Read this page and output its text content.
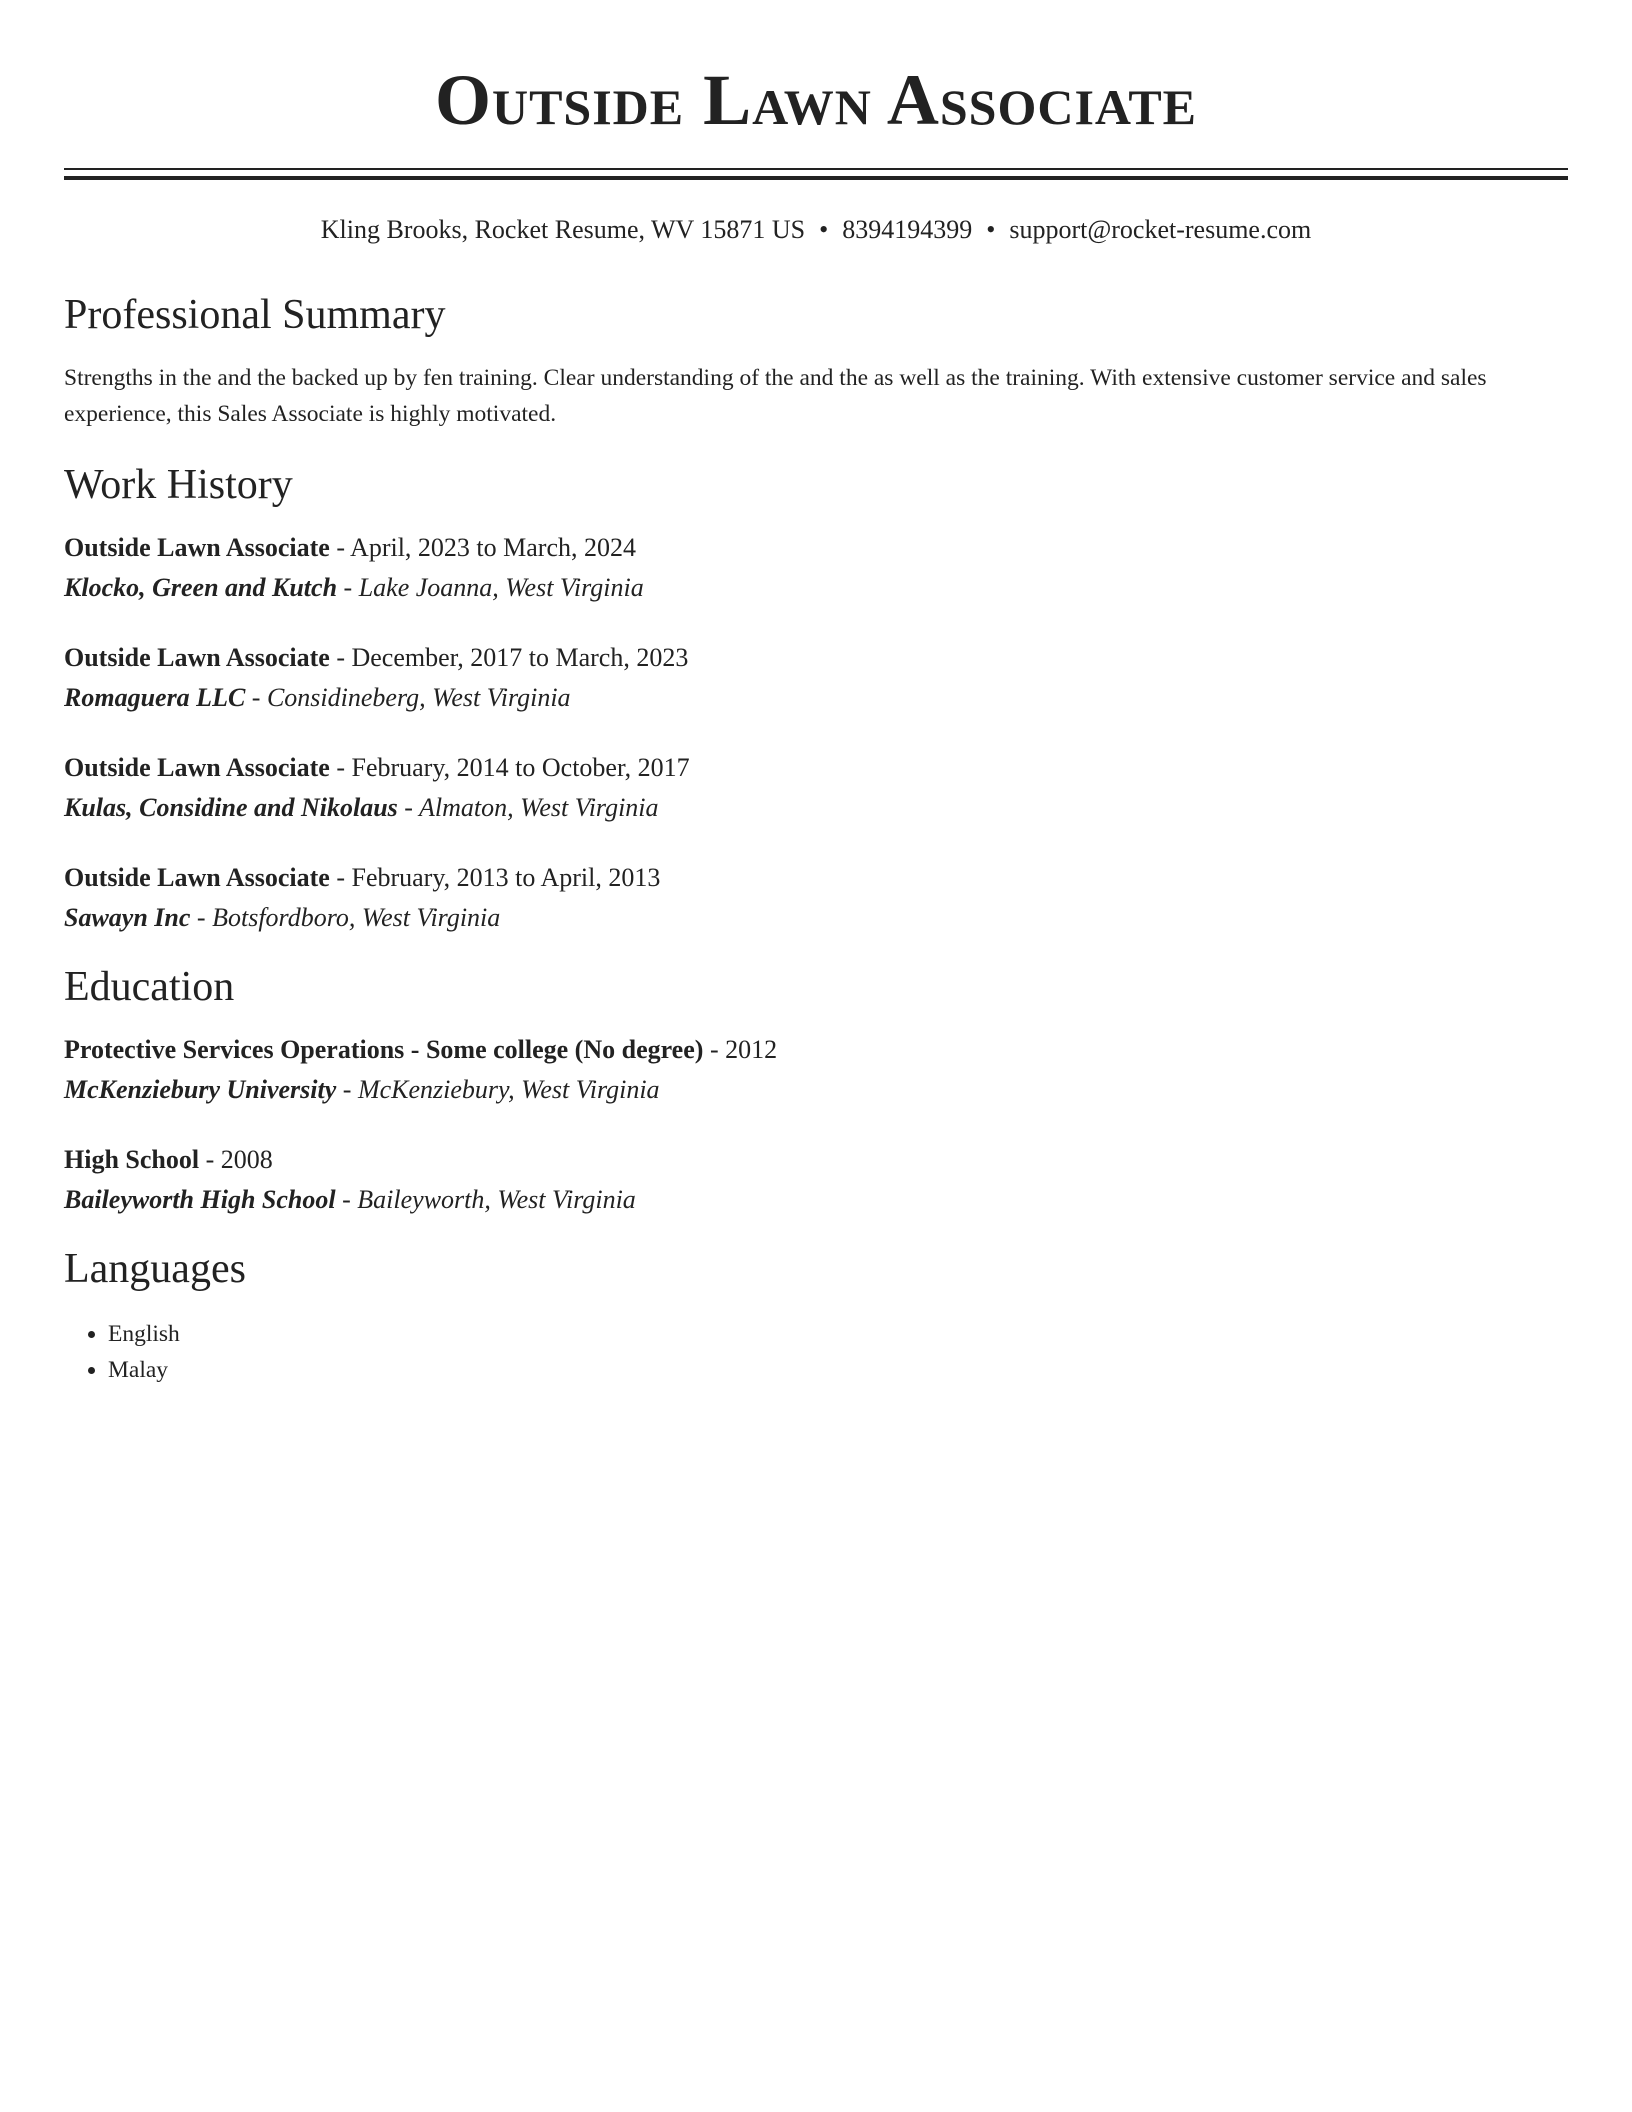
Outside Lawn Associate
Kling Brooks, Rocket Resume, WV 15871 US • 8394194399 • support@rocket-resume.com
Professional Summary
Strengths in the and the backed up by fen training. Clear understanding of the and the as well as the training. With extensive customer service and sales experience, this Sales Associate is highly motivated.
Work History
Outside Lawn Associate - April, 2023 to March, 2024
Klocko, Green and Kutch - Lake Joanna, West Virginia
Outside Lawn Associate - December, 2017 to March, 2023
Romaguera LLC - Considineberg, West Virginia
Outside Lawn Associate - February, 2014 to October, 2017
Kulas, Considine and Nikolaus - Almaton, West Virginia
Outside Lawn Associate - February, 2013 to April, 2013
Sawayn Inc - Botsfordboro, West Virginia
Education
Protective Services Operations - Some college (No degree) - 2012
McKenziebury University - McKenziebury, West Virginia
High School - 2008
Baileyworth High School - Baileyworth, West Virginia
Languages
• English
• Malay
